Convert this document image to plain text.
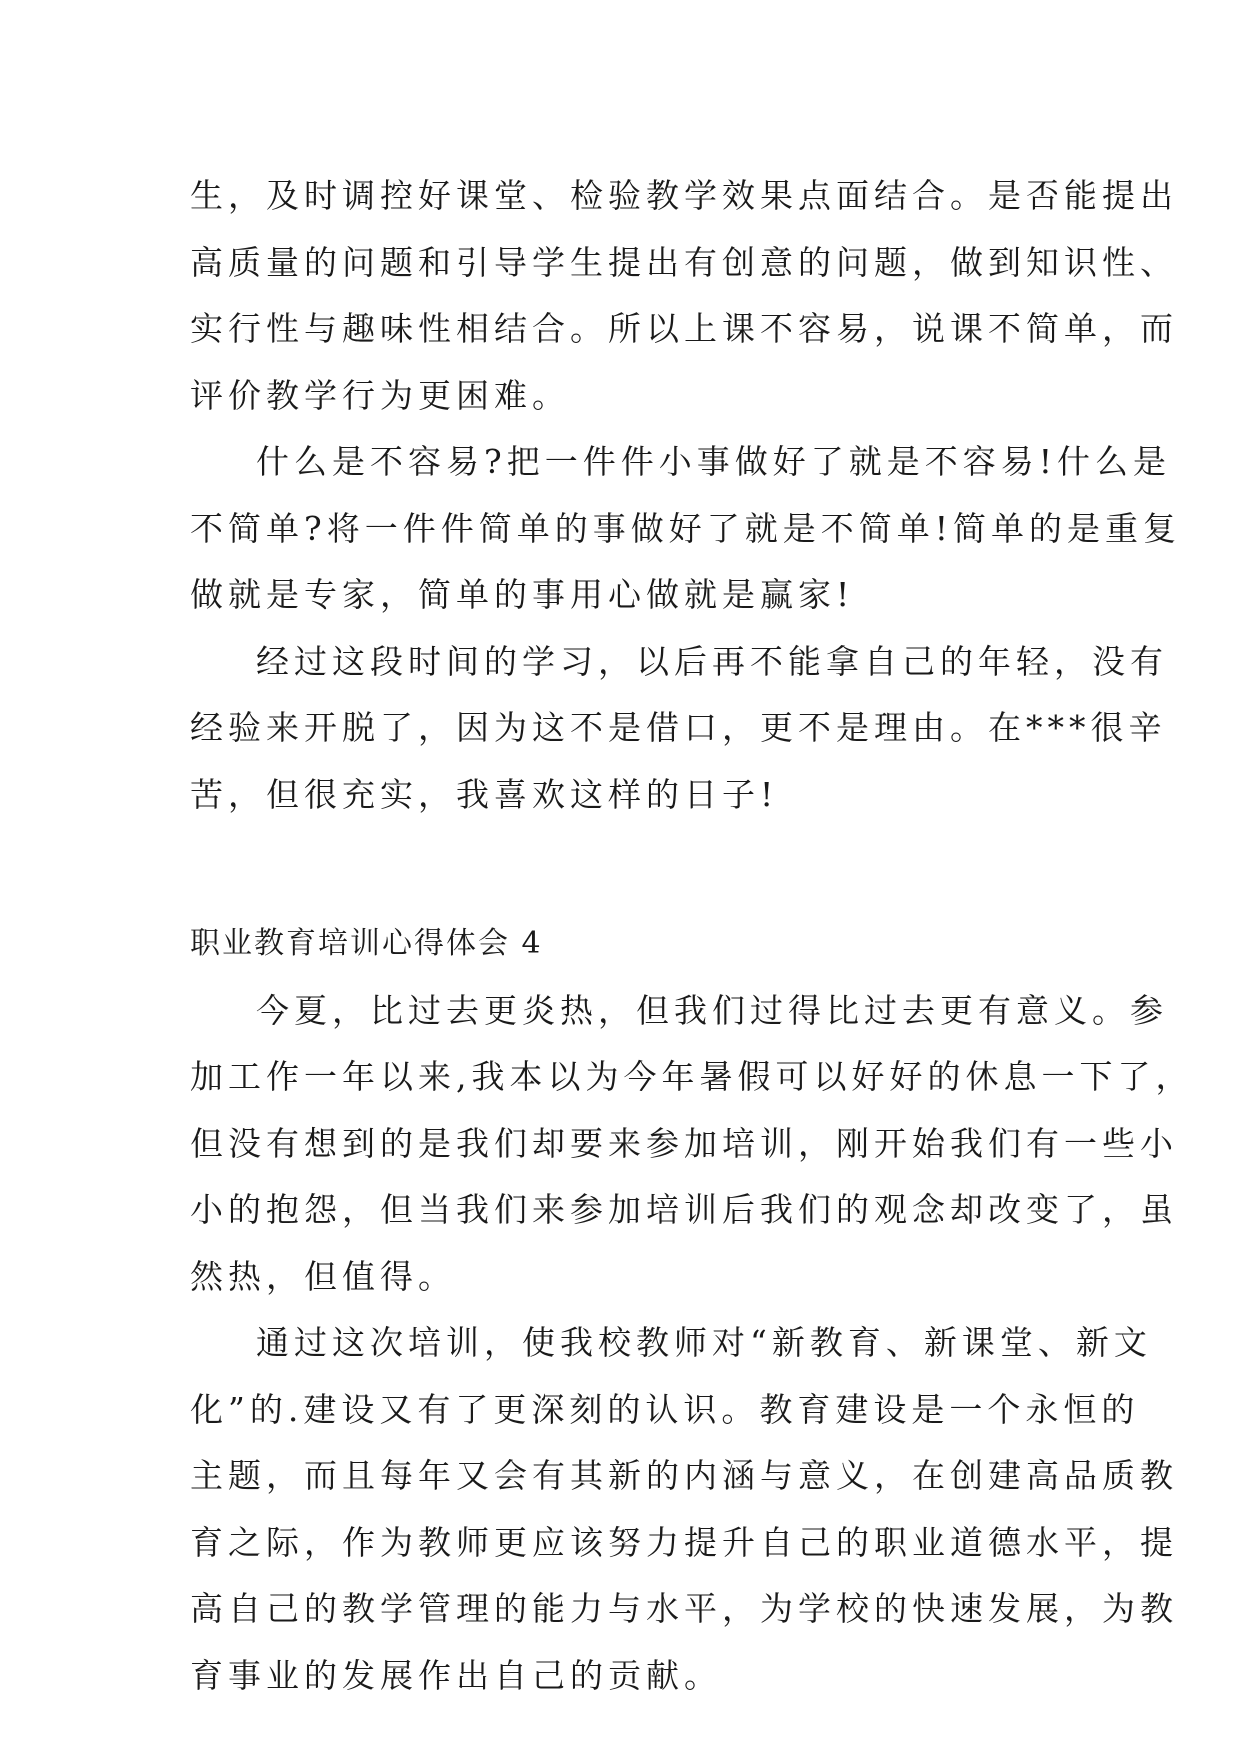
生，及时调控好课堂、检验教学效果点面结合。是否能提出
高质量的问题和引导学生提出有创意的问题，做到知识性、
实行性与趣味性相结合。所以上课不容易，说课不简单，而
评价教学行为更困难。
什么是不容易?把一件件小事做好了就是不容易!什么是
不简单?将一件件简单的事做好了就是不简单!简单的是重复
做就是专家，简单的事用心做就是赢家!
经过这段时间的学习，以后再不能拿自己的年轻，没有
经验来开脱了，因为这不是借口，更不是理由。在***很辛
苦，但很充实，我喜欢这样的日子!
职业教育培训心得体会 4
今夏，比过去更炎热，但我们过得比过去更有意义。参
加工作一年以来,我本以为今年暑假可以好好的休息一下了，
但没有想到的是我们却要来参加培训，刚开始我们有一些小
小的抱怨，但当我们来参加培训后我们的观念却改变了，虽
然热，但值得。
通过这次培训，使我校教师对“新教育、新课堂、新文
化”的.建设又有了更深刻的认识。教育建设是一个永恒的
主题，而且每年又会有其新的内涵与意义，在创建高品质教
育之际，作为教师更应该努力提升自己的职业道德水平，提
高自己的教学管理的能力与水平，为学校的快速发展，为教
育事业的发展作出自己的贡献。
